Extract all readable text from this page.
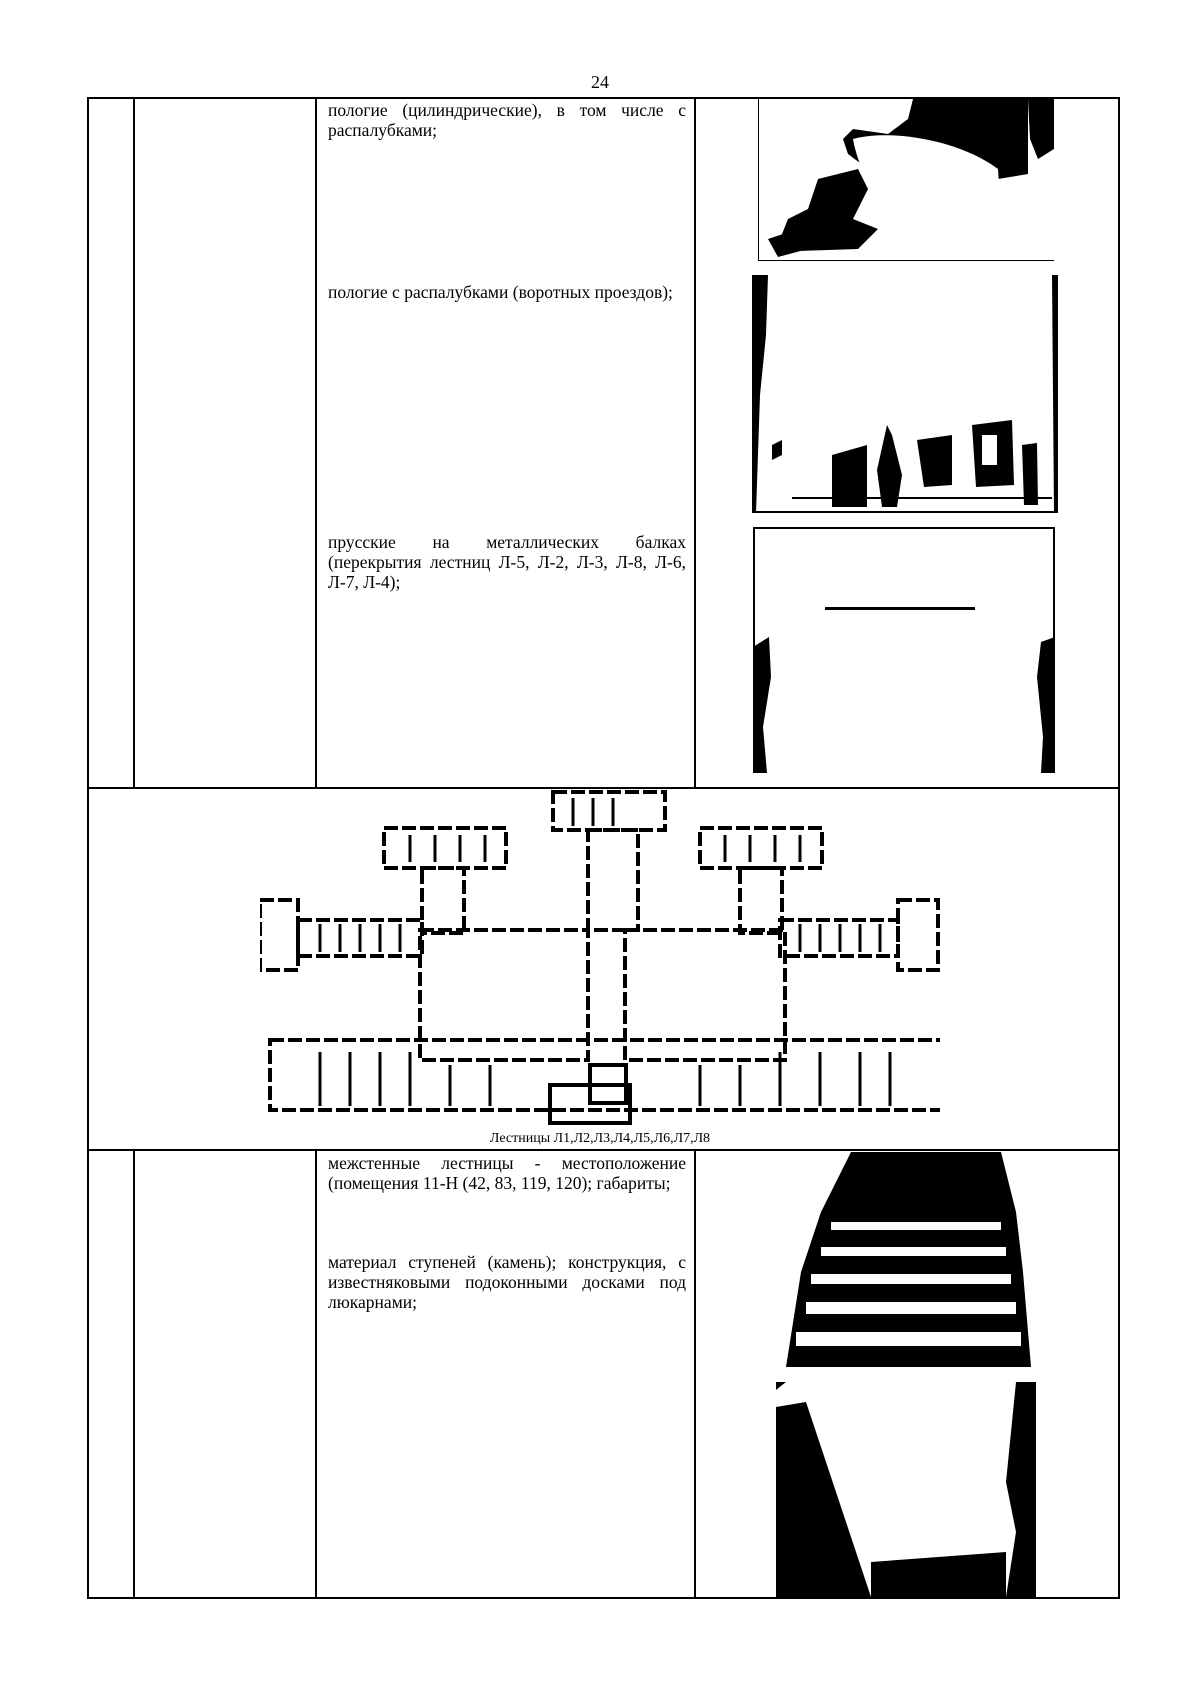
24
пологие (цилиндрические), в том числе с распалубками;
пологие с распалубками (воротных проездов);
прусские на металлических балках (перекрытия лестниц Л-5, Л-2, Л-3, Л-8, Л-6, Л-7, Л-4);
Лестницы Л1,Л2,Л3,Л4,Л5,Л6,Л7,Л8
межстенные лестницы - местоположение (помещения 11-Н (42, 83, 119, 120); габариты;
материал ступеней (камень); конструкция, с известняковыми подоконными досками под люкарнами;
